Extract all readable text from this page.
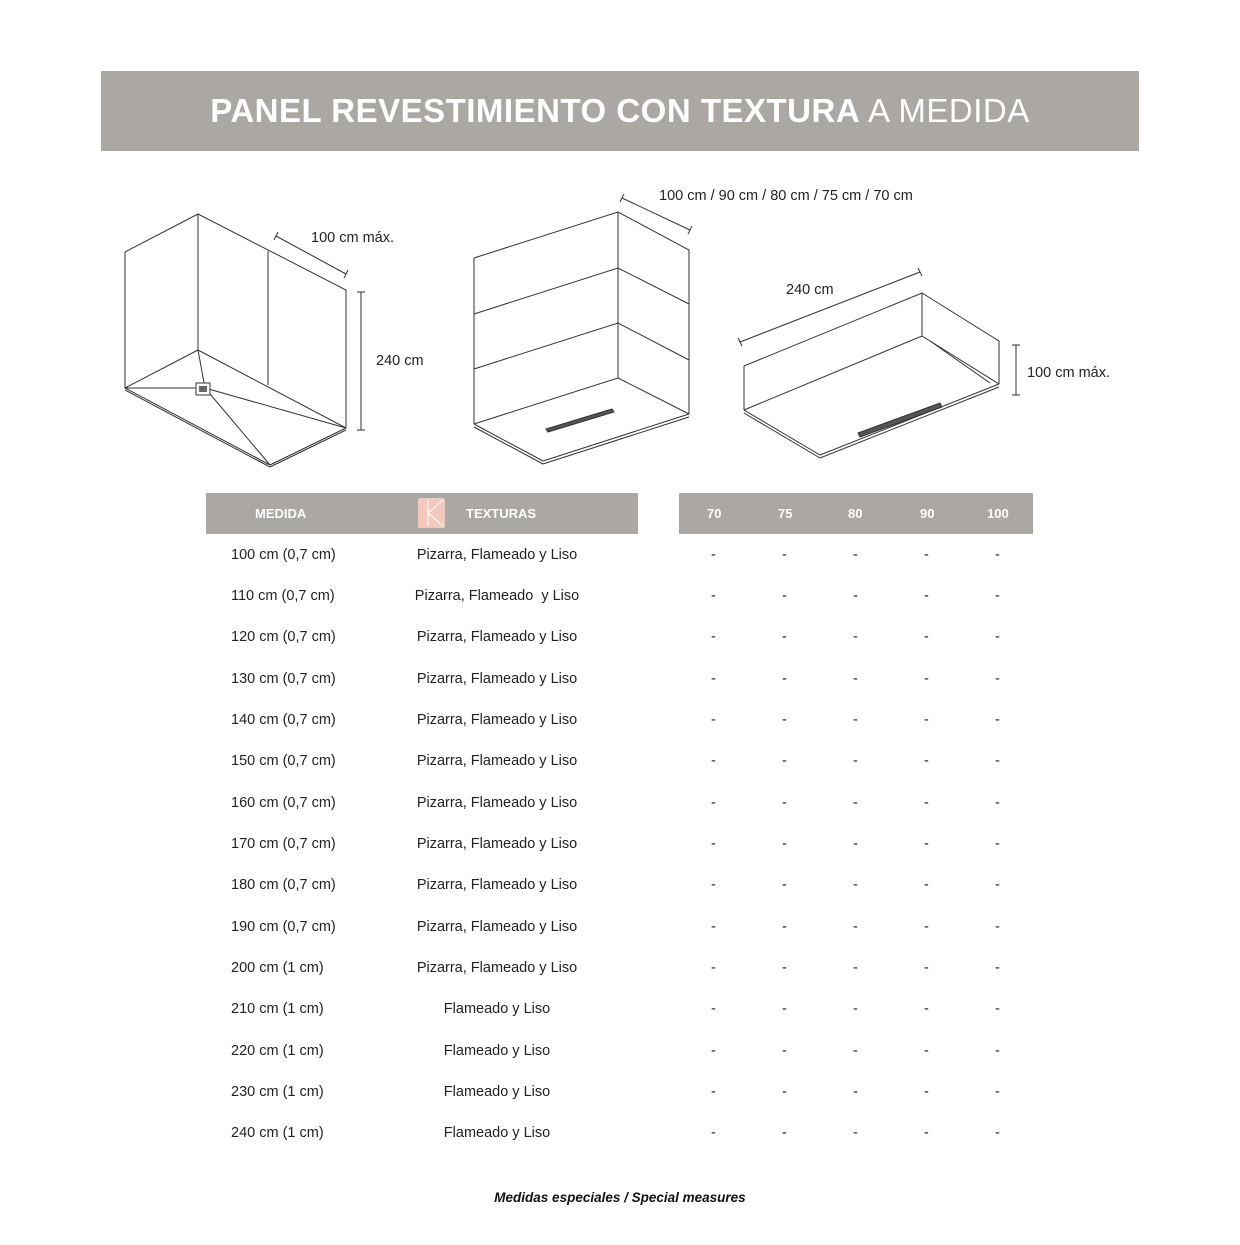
PANEL REVESTIMIENTO CON TEXTURA A MEDIDA
100 cm máx.
240 cm
100 cm / 90 cm / 80 cm / 75 cm / 70 cm
240 cm
100 cm máx.
MEDIDA	TEXTURAS	70	75	80	90	100
100 cm (0,7 cm)	Pizarra, Flameado y Liso	-	-	-	-	-
110 cm (0,7 cm)	Pizarra, Flameado  y Liso	-	-	-	-	-
120 cm (0,7 cm)	Pizarra, Flameado y Liso	-	-	-	-	-
130 cm (0,7 cm)	Pizarra, Flameado y Liso	-	-	-	-	-
140 cm (0,7 cm)	Pizarra, Flameado y Liso	-	-	-	-	-
150 cm (0,7 cm)	Pizarra, Flameado y Liso	-	-	-	-	-
160 cm (0,7 cm)	Pizarra, Flameado y Liso	-	-	-	-	-
170 cm (0,7 cm)	Pizarra, Flameado y Liso	-	-	-	-	-
180 cm (0,7 cm)	Pizarra, Flameado y Liso	-	-	-	-	-
190 cm (0,7 cm)	Pizarra, Flameado y Liso	-	-	-	-	-
200 cm (1 cm)	Pizarra, Flameado y Liso	-	-	-	-	-
210 cm (1 cm)	Flameado y Liso	-	-	-	-	-
220 cm (1 cm)	Flameado y Liso	-	-	-	-	-
230 cm (1 cm)	Flameado y Liso	-	-	-	-	-
240 cm (1 cm)	Flameado y Liso	-	-	-	-	-
Medidas especiales / Special measures
